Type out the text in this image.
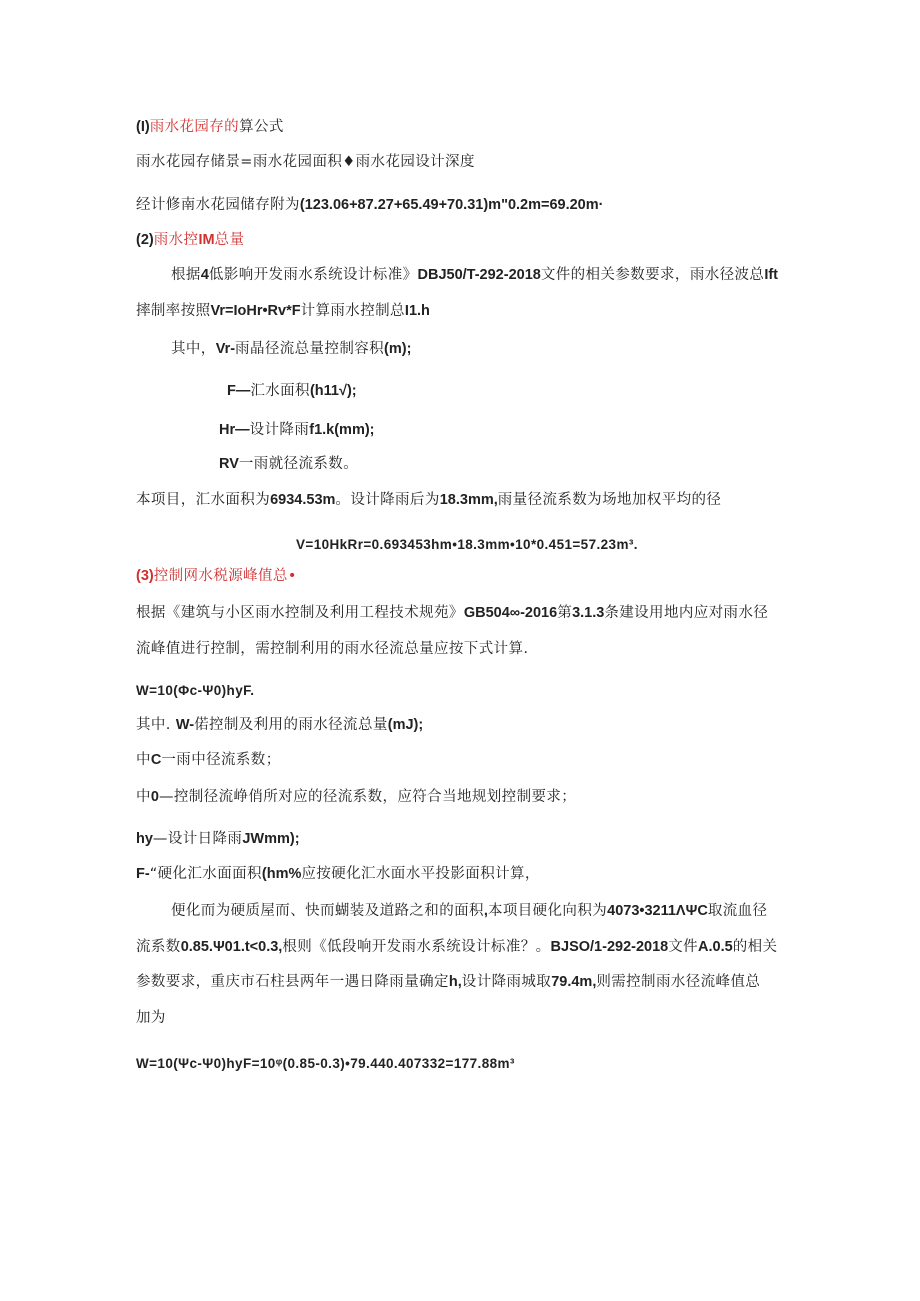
(I)雨水花园存的算公式
雨水花园存储景=雨水花园面积♦雨水花园设计深度
经计修南水花园储存附为(123.06+87.27+65.49+70.31)m"0.2m=69.20m·
(2)雨水控IM总量
根据4低影响开发雨水系统设计标准》DBJ50/T-292-2018文件的相关参数要求，雨水径波总Ift
摔制率按照Vr=IoHr•Rv*F计算雨水控制总I1.h
其中，Vr-雨晶径流总量控制容积(m);
F—汇水面积(h11√);
Hr—设计降雨f1.k(mm);
RV一雨就径流系数。
本项目，汇水面积为6934.53m。设计降雨后为18.3mm,雨量径流系数为场地加权平均的径
V=10HkRr=0.693453hm•18.3mm•10*0.451=57.23m³.
(3)控制网水税源峰值总•
根据《建筑与小区雨水控制及利用工程技术规苑》GB504∞-2016第3.1.3条建设用地内应对雨水径
流峰值进行控制，需控制利用的雨水径流总量应按下式计算.
W=10(Φc-Ψ0)hyF.
其中. W-偌控制及利用的雨水径流总量(mJ);
中C一雨中径流系数；
中0—控制径流峥俏所对应的径流系数，应符合当地规划控制要求；
hy—设计日降雨JWmm);
F-“硬化汇水面面积(hm%应按硬化汇水面水平投影面积计算，
便化而为硬质屋而、快而蝴装及道路之和的面积,本项目硬化向积为4073•3211ΛΨC取流血径
流系数0.85.Ψ01.t<0.3,根则《低段响开发雨水系统设计标准？。BJSO/1-292-2018文件A.0.5的相关
参数要求，重庆市石柱县两年一遇日降雨量确定h,设计降雨城取79.4m,则需控制雨水径流峰值总
加为
W=10(Ψc-Ψ0)hyF=10ᵠ(0.85-0.3)•79.440.407332=177.88m³
